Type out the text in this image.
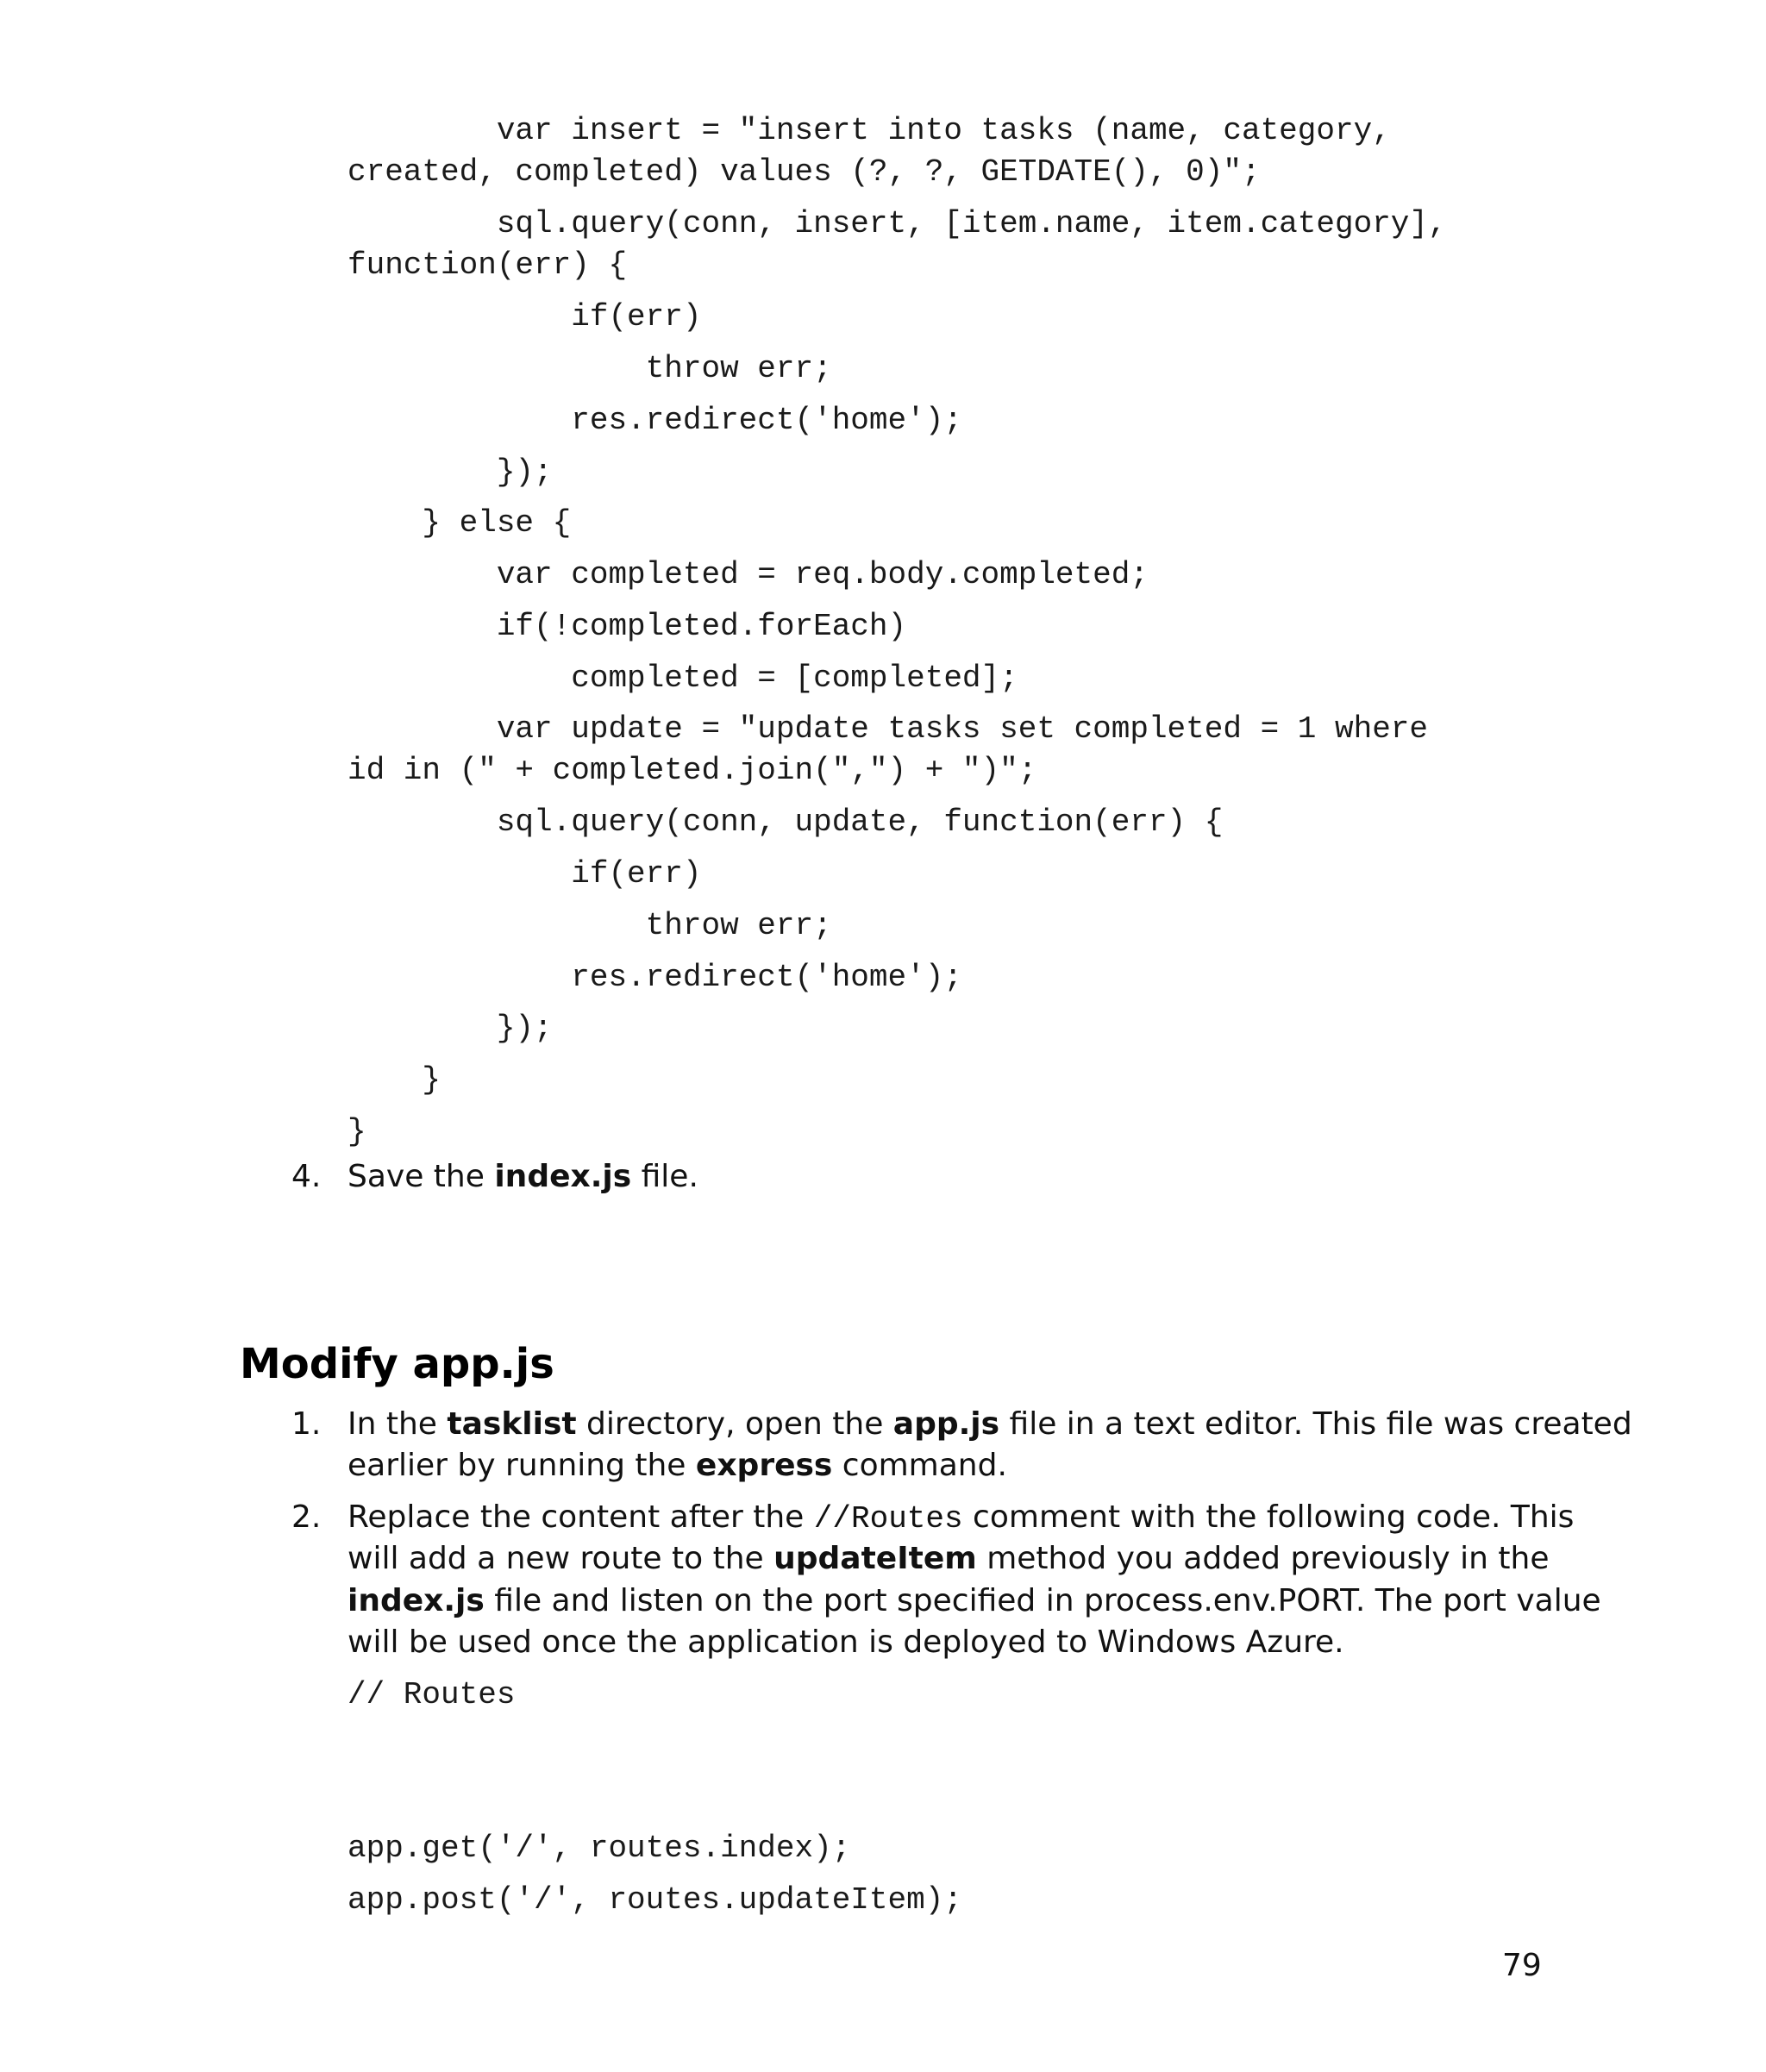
var insert = "insert into tasks (name, category,
created, completed) values (?, ?, GETDATE(), 0)";
sql.query(conn, insert, [item.name, item.category],
function(err) {
if(err)
throw err;
res.redirect('home');
});
} else {
var completed = req.body.completed;
if(!completed.forEach)
completed = [completed];
var update = "update tasks set completed = 1 where
id in (" + completed.join(",") + ")";
sql.query(conn, update, function(err) {
if(err)
throw err;
res.redirect('home');
});
}
}
4. Save the index.js file.
Modify app.js
1. In the tasklist directory, open the app.js file in a text editor. This file was created
earlier by running the express command.
2. Replace the content after the //Routes comment with the following code. This
will add a new route to the updateItem method you added previously in the
index.js file and listen on the port specified in process.env.PORT. The port value
will be used once the application is deployed to Windows Azure.
// Routes
app.get('/', routes.index);
app.post('/', routes.updateItem);
79
